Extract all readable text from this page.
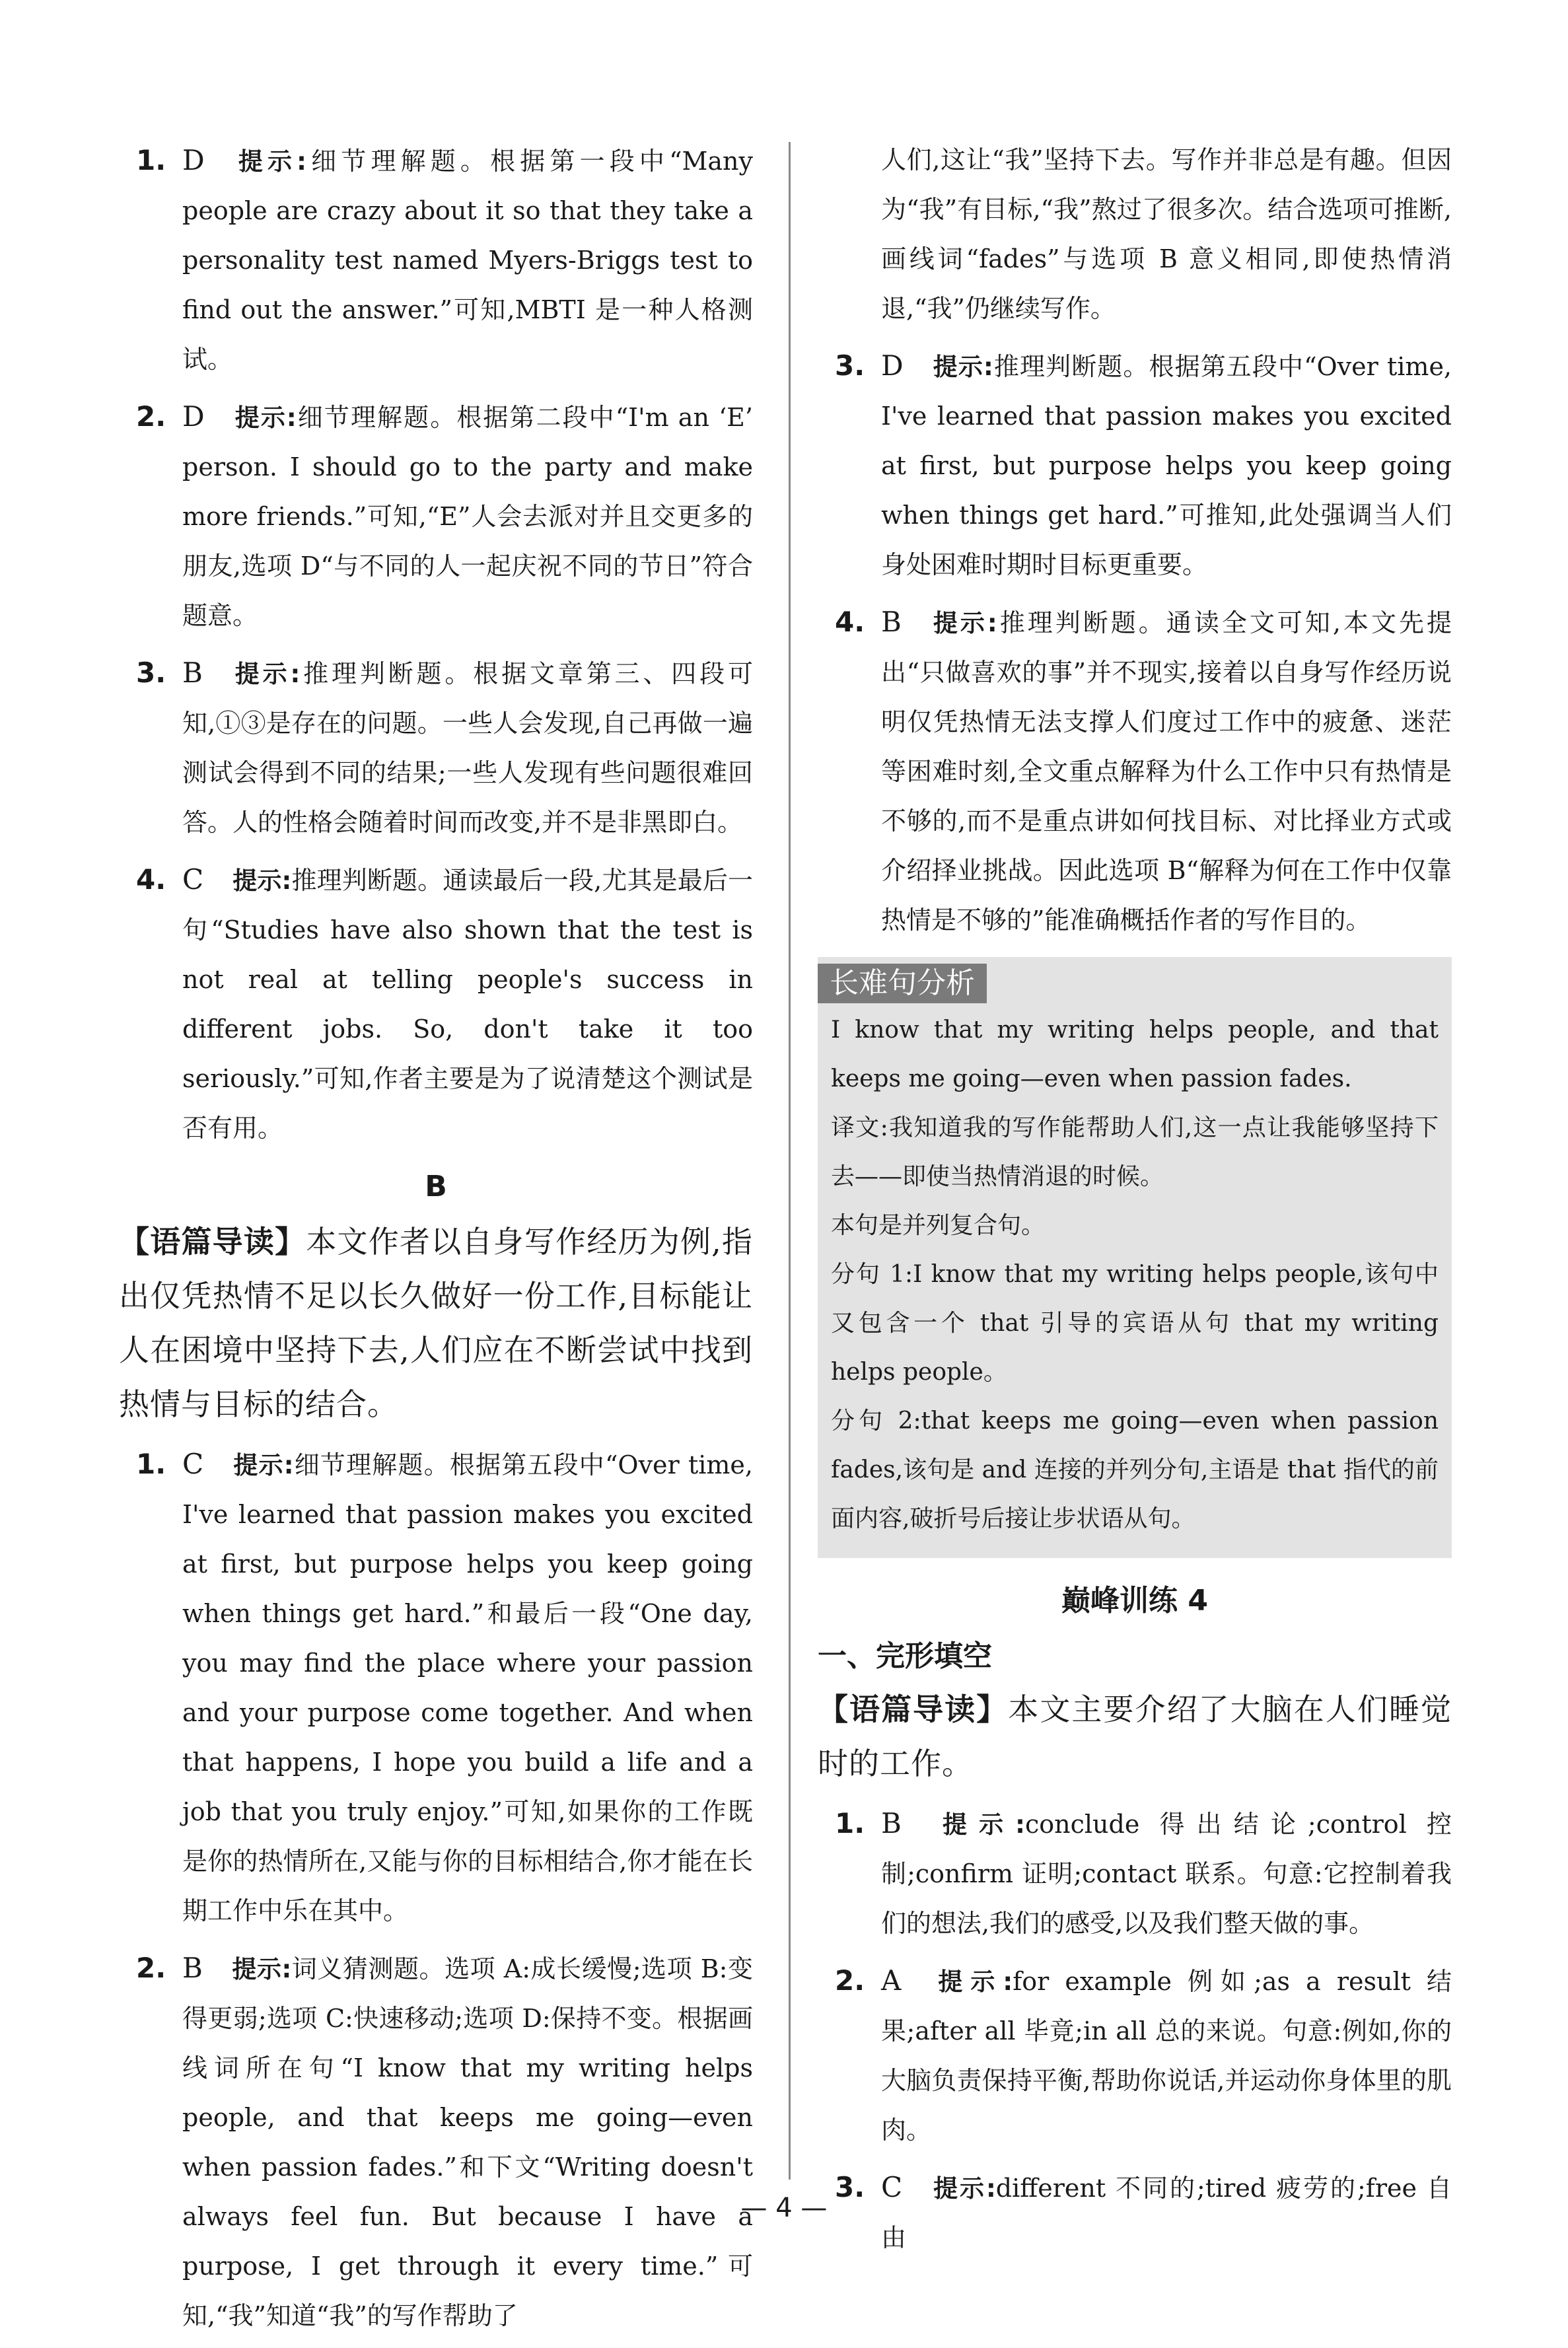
1. D 提示:细节理解题。根据第一段中“Many people are crazy about it so that they take a personality test named Myers-Briggs test to find out the answer.”可知,MBTI 是一种人格测试。

2. D 提示:细节理解题。根据第二段中“I'm an ‘E’ person. I should go to the party and make more friends.”可知,“E”人会去派对并且交更多的朋友,选项 D“与不同的人一起庆祝不同的节日”符合题意。

3. B 提示:推理判断题。根据文章第三、四段可知,①③是存在的问题。一些人会发现,自己再做一遍测试会得到不同的结果;一些人发现有些问题很难回答。人的性格会随着时间而改变,并不是非黑即白。

4. C 提示:推理判断题。通读最后一段,尤其是最后一句“Studies have also shown that the test is not real at telling people's success in different jobs. So, don't take it too seriously.”可知,作者主要是为了说清楚这个测试是否有用。

B

【语篇导读】本文作者以自身写作经历为例,指出仅凭热情不足以长久做好一份工作,目标能让人在困境中坚持下去,人们应在不断尝试中找到热情与目标的结合。

1. C 提示:细节理解题。根据第五段中“Over time, I've learned that passion makes you excited at first, but purpose helps you keep going when things get hard.”和最后一段“One day, you may find the place where your passion and your purpose come together. And when that happens, I hope you build a life and a job that you truly enjoy.”可知,如果你的工作既是你的热情所在,又能与你的目标相结合,你才能在长期工作中乐在其中。

2. B 提示:词义猜测题。选项 A:成长缓慢;选项 B:变得更弱;选项 C:快速移动;选项 D:保持不变。根据画线词所在句“I know that my writing helps people, and that keeps me going—even when passion fades.”和下文“Writing doesn't always feel fun. But because I have a purpose, I get through it every time.”可知,“我”知道“我”的写作帮助了

人们,这让“我”坚持下去。写作并非总是有趣。但因为“我”有目标,“我”熬过了很多次。结合选项可推断,画线词“fades”与选项 B 意义相同,即使热情消退,“我”仍继续写作。

3. D 提示:推理判断题。根据第五段中“Over time, I've learned that passion makes you excited at first, but purpose helps you keep going when things get hard.”可推知,此处强调当人们身处困难时期时目标更重要。

4. B 提示:推理判断题。通读全文可知,本文先提出“只做喜欢的事”并不现实,接着以自身写作经历说明仅凭热情无法支撑人们度过工作中的疲惫、迷茫等困难时刻,全文重点解释为什么工作中只有热情是不够的,而不是重点讲如何找目标、对比择业方式或介绍择业挑战。因此选项 B“解释为何在工作中仅靠热情是不够的”能准确概括作者的写作目的。

长难句分析

I know that my writing helps people, and that keeps me going—even when passion fades.

译文:我知道我的写作能帮助人们,这一点让我能够坚持下去——即使当热情消退的时候。

本句是并列复合句。

分句 1:I know that my writing helps people,该句中又包含一个 that 引导的宾语从句 that my writing helps people。

分句 2:that keeps me going—even when passion fades,该句是 and 连接的并列分句,主语是 that 指代的前面内容,破折号后接让步状语从句。

巅峰训练 4
一、完形填空

【语篇导读】本文主要介绍了大脑在人们睡觉时的工作。

1. B 提示:conclude 得出结论;control 控制;confirm 证明;contact 联系。句意:它控制着我们的想法,我们的感受,以及我们整天做的事。

2. A 提示:for example 例如;as a result 结果;after all 毕竟;in all 总的来说。句意:例如,你的大脑负责保持平衡,帮助你说话,并运动你身体里的肌肉。

3. C 提示:different 不同的;tired 疲劳的;free 自由

— 4 —
